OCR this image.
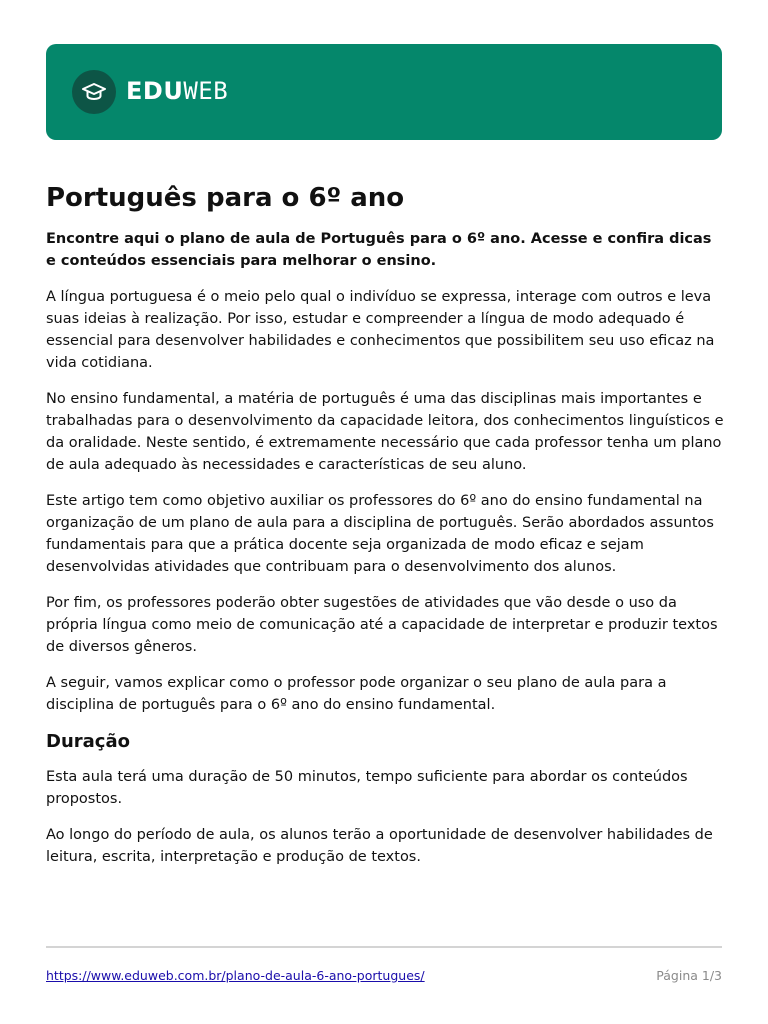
EDUWEB
Português para o 6º ano

Encontre aqui o plano de aula de Português para o 6º ano. Acesse e confira dicas e conteúdos essenciais para melhorar o ensino.

A língua portuguesa é o meio pelo qual o indivíduo se expressa, interage com outros e leva suas ideias à realização. Por isso, estudar e compreender a língua de modo adequado é essencial para desenvolver habilidades e conhecimentos que possibilitem seu uso eficaz na vida cotidiana.

No ensino fundamental, a matéria de português é uma das disciplinas mais importantes e trabalhadas para o desenvolvimento da capacidade leitora, dos conhecimentos linguísticos e da oralidade. Neste sentido, é extremamente necessário que cada professor tenha um plano de aula adequado às necessidades e características de seu aluno.

Este artigo tem como objetivo auxiliar os professores do 6º ano do ensino fundamental na organização de um plano de aula para a disciplina de português. Serão abordados assuntos fundamentais para que a prática docente seja organizada de modo eficaz e sejam desenvolvidas atividades que contribuam para o desenvolvimento dos alunos.

Por fim, os professores poderão obter sugestões de atividades que vão desde o uso da própria língua como meio de comunicação até a capacidade de interpretar e produzir textos de diversos gêneros.

A seguir, vamos explicar como o professor pode organizar o seu plano de aula para a disciplina de português para o 6º ano do ensino fundamental.

Duração

Esta aula terá uma duração de 50 minutos, tempo suficiente para abordar os conteúdos propostos.

Ao longo do período de aula, os alunos terão a oportunidade de desenvolver habilidades de leitura, escrita, interpretação e produção de textos.

https://www.eduweb.com.br/plano-de-aula-6-ano-portugues/	Página 1/3
